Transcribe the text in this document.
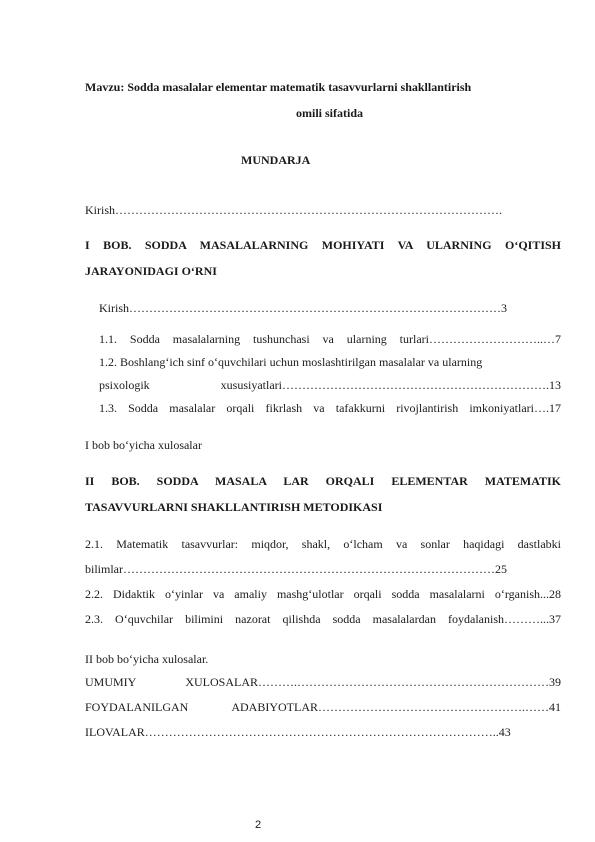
Mavzu: Sodda masalalar elementar matematik tasavvurlarni shakllantirish
omili sifatida
MUNDARJA
Kirish…………………………………………………………………………………….
I BOB. SODDA MASALALARNING MOHIYATI VA ULARNING O‘QITISH
JARAYONIDAGI O‘RNI
Kirish…………………………………………………………………………………3
1.1. Sodda masalalarning tushunchasi va ularning turlari………………………..…7
1.2. Boshlang‘ich sinf o‘quvchilari uchun moslashtirilgan masalalar va ularning
psixologik xususiyatlari………………………………………………………….13
1.3. Sodda masalalar orqali fikrlash va tafakkurni rivojlantirish imkoniyatlari….17
I bob bo‘yicha xulosalar
II BOB. SODDA MASALA LAR ORQALI ELEMENTAR MATEMATIK
TASAVVURLARNI SHAKLLANTIRISH METODIKASI
2.1. Matematik tasavvurlar: miqdor, shakl, o‘lcham va sonlar haqidagi dastlabki
bilimlar…………………………………………………………………………………25
2.2. Didaktik o‘yinlar va amaliy mashg‘ulotlar orqali sodda masalalarni o‘rganish...28
2.3. O‘quvchilar bilimini nazorat qilishda sodda masalalardan foydalanish………...37
II bob bo‘yicha xulosalar.
UMUMIY XULOSALAR……….………………………………………………………39
FOYDALANILGAN ADABIYOTLAR…………………………………………….……41
ILOVALAR……………………………………………………………………………..43
2
